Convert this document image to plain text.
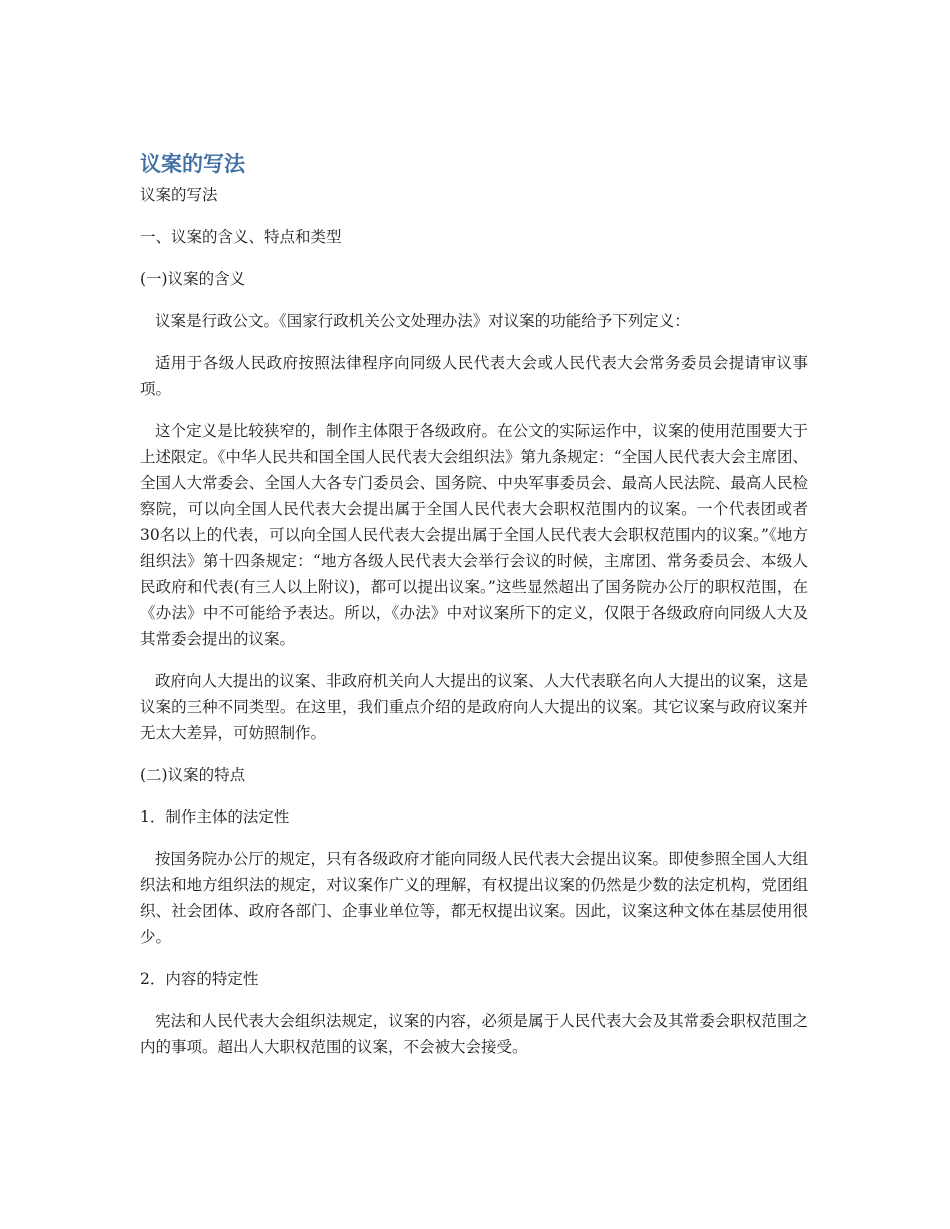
议案的写法

议案的写法

一、议案的含义、特点和类型

(一)议案的含义

议案是行政公文。《国家行政机关公文处理办法》对议案的功能给予下列定义：

适用于各级人民政府按照法律程序向同级人民代表大会或人民代表大会常务委员会提请审议事项。

这个定义是比较狭窄的，制作主体限于各级政府。在公文的实际运作中，议案的使用范围要大于上述限定。《中华人民共和国全国人民代表大会组织法》第九条规定：“全国人民代表大会主席团、全国人大常委会、全国人大各专门委员会、国务院、中央军事委员会、最高人民法院、最高人民检察院，可以向全国人民代表大会提出属于全国人民代表大会职权范围内的议案。一个代表团或者30名以上的代表，可以向全国人民代表大会提出属于全国人民代表大会职权范围内的议案。”《地方组织法》第十四条规定：“地方各级人民代表大会举行会议的时候，主席团、常务委员会、本级人民政府和代表(有三人以上附议)，都可以提出议案。”这些显然超出了国务院办公厅的职权范围，在《办法》中不可能给予表达。所以，《办法》中对议案所下的定义，仅限于各级政府向同级人大及其常委会提出的议案。

政府向人大提出的议案、非政府机关向人大提出的议案、人大代表联名向人大提出的议案，这是议案的三种不同类型。在这里，我们重点介绍的是政府向人大提出的议案。其它议案与政府议案并无太大差异，可妨照制作。

(二)议案的特点

1．制作主体的法定性

按国务院办公厅的规定，只有各级政府才能向同级人民代表大会提出议案。即使参照全国人大组织法和地方组织法的规定，对议案作广义的理解，有权提出议案的仍然是少数的法定机构，党团组织、社会团体、政府各部门、企事业单位等，都无权提出议案。因此，议案这种文体在基层使用很少。

2．内容的特定性

宪法和人民代表大会组织法规定，议案的内容，必须是属于人民代表大会及其常委会职权范围之内的事项。超出人大职权范围的议案，不会被大会接受。
